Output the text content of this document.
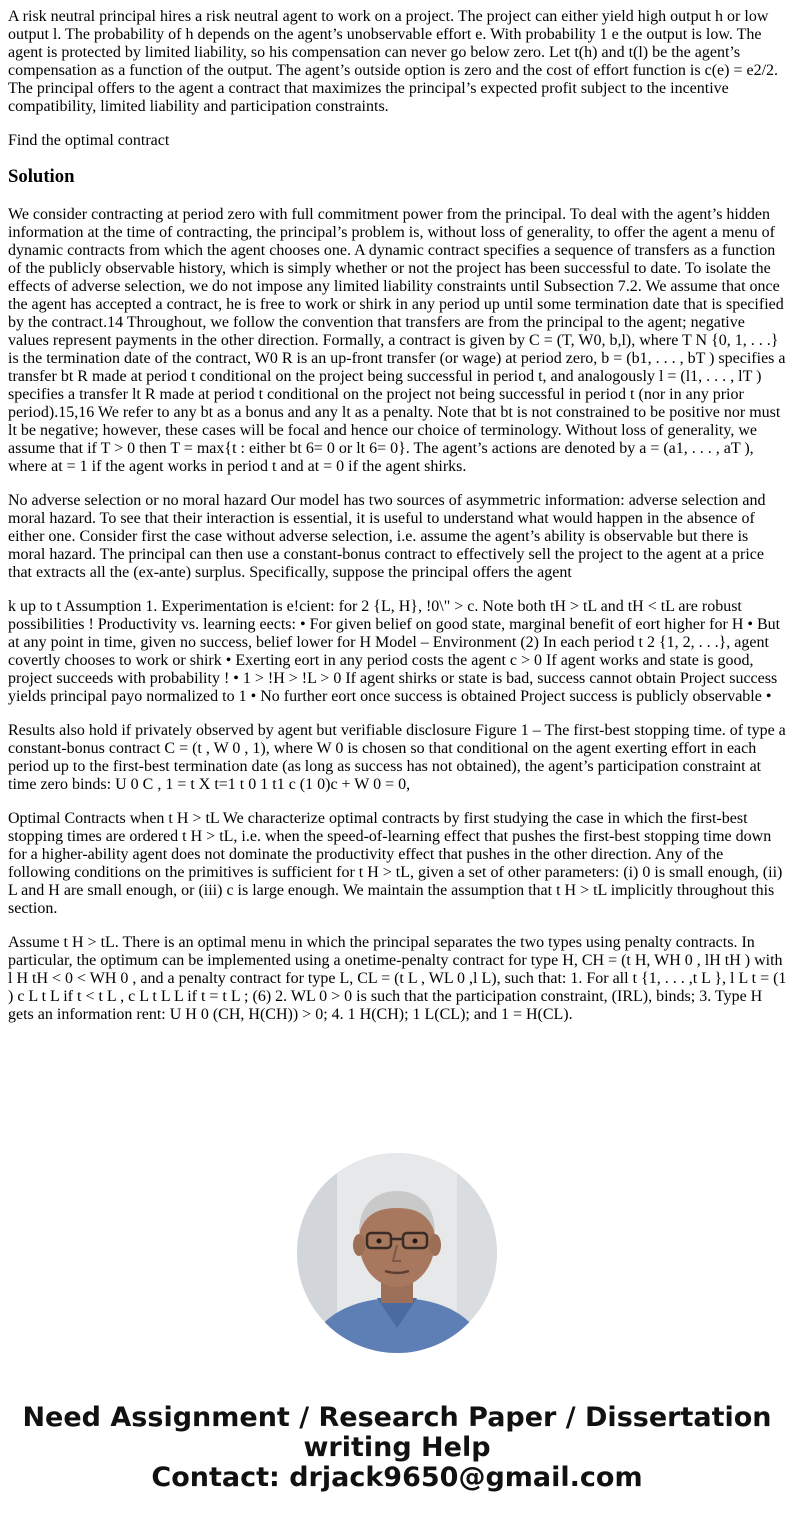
A risk neutral principal hires a risk neutral agent to work on a project. The project can either yield high output h or low output l. The probability of h depends on the agent’s unobservable effort e. With probability 1 e the output is low. The agent is protected by limited liability, so his compensation can never go below zero. Let t(h) and t(l) be the agent’s compensation as a function of the output. The agent’s outside option is zero and the cost of effort function is c(e) = e2/2. The principal offers to the agent a contract that maximizes the principal’s expected profit subject to the incentive compatibility, limited liability and participation constraints.

Find the optimal contract

Solution

We consider contracting at period zero with full commitment power from the principal. To deal with the agent’s hidden information at the time of contracting, the principal’s problem is, without loss of generality, to offer the agent a menu of dynamic contracts from which the agent chooses one. A dynamic contract specifies a sequence of transfers as a function of the publicly observable history, which is simply whether or not the project has been successful to date. To isolate the effects of adverse selection, we do not impose any limited liability constraints until Subsection 7.2. We assume that once the agent has accepted a contract, he is free to work or shirk in any period up until some termination date that is specified by the contract.14 Throughout, we follow the convention that transfers are from the principal to the agent; negative values represent payments in the other direction. Formally, a contract is given by C = (T, W0, b,l), where T N {0, 1, . . .} is the termination date of the contract, W0 R is an up-front transfer (or wage) at period zero, b = (b1, . . . , bT ) specifies a transfer bt R made at period t conditional on the project being successful in period t, and analogously l = (l1, . . . , lT ) specifies a transfer lt R made at period t conditional on the project not being successful in period t (nor in any prior period).15,16 We refer to any bt as a bonus and any lt as a penalty. Note that bt is not constrained to be positive nor must lt be negative; however, these cases will be focal and hence our choice of terminology. Without loss of generality, we assume that if T > 0 then T = max{t : either bt 6= 0 or lt 6= 0}. The agent’s actions are denoted by a = (a1, . . . , aT ), where at = 1 if the agent works in period t and at = 0 if the agent shirks.

No adverse selection or no moral hazard Our model has two sources of asymmetric information: adverse selection and moral hazard. To see that their interaction is essential, it is useful to understand what would happen in the absence of either one. Consider first the case without adverse selection, i.e. assume the agent’s ability is observable but there is moral hazard. The principal can then use a constant-bonus contract to effectively sell the project to the agent at a price that extracts all the (ex-ante) surplus. Specifically, suppose the principal offers the agent

k up to t Assumption 1. Experimentation is e!cient: for 2 {L, H}, !0\" > c. Note both tH > tL and tH < tL are robust possibilities ! Productivity vs. learning eects: • For given belief on good state, marginal benefit of eort higher for H • But at any point in time, given no success, belief lower for H Model – Environment (2) In each period t 2 {1, 2, . . .}, agent covertly chooses to work or shirk • Exerting eort in any period costs the agent c > 0 If agent works and state is good, project succeeds with probability ! • 1 > !H > !L > 0 If agent shirks or state is bad, success cannot obtain Project success yields principal payo normalized to 1 • No further eort once success is obtained Project success is publicly observable •

Results also hold if privately observed by agent but verifiable disclosure Figure 1 – The first-best stopping time. of type a constant-bonus contract C = (t , W 0 , 1), where W 0 is chosen so that conditional on the agent exerting effort in each period up to the first-best termination date (as long as success has not obtained), the agent’s participation constraint at time zero binds: U 0 C , 1 = t X t=1 t 0 1 t1 c (1 0)c + W 0 = 0,

Optimal Contracts when t H > tL We characterize optimal contracts by first studying the case in which the first-best stopping times are ordered t H > tL, i.e. when the speed-of-learning effect that pushes the first-best stopping time down for a higher-ability agent does not dominate the productivity effect that pushes in the other direction. Any of the following conditions on the primitives is sufficient for t H > tL, given a set of other parameters: (i) 0 is small enough, (ii) L and H are small enough, or (iii) c is large enough. We maintain the assumption that t H > tL implicitly throughout this section.

Assume t H > tL. There is an optimal menu in which the principal separates the two types using penalty contracts. In particular, the optimum can be implemented using a onetime-penalty contract for type H, CH = (t H, WH 0 , lH tH ) with l H tH < 0 < WH 0 , and a penalty contract for type L, CL = (t L , WL 0 ,l L), such that: 1. For all t {1, . . . ,t L }, l L t = (1 ) c L t L if t < t L , c L t L L if t = t L ; (6) 2. WL 0 > 0 is such that the participation constraint, (IRL), binds; 3. Type H gets an information rent: U H 0 (CH, H(CH)) > 0; 4. 1 H(CH); 1 L(CL); and 1 = H(CL).

Need Assignment / Research Paper / Dissertation
writing Help
Contact: drjack9650@gmail.com
